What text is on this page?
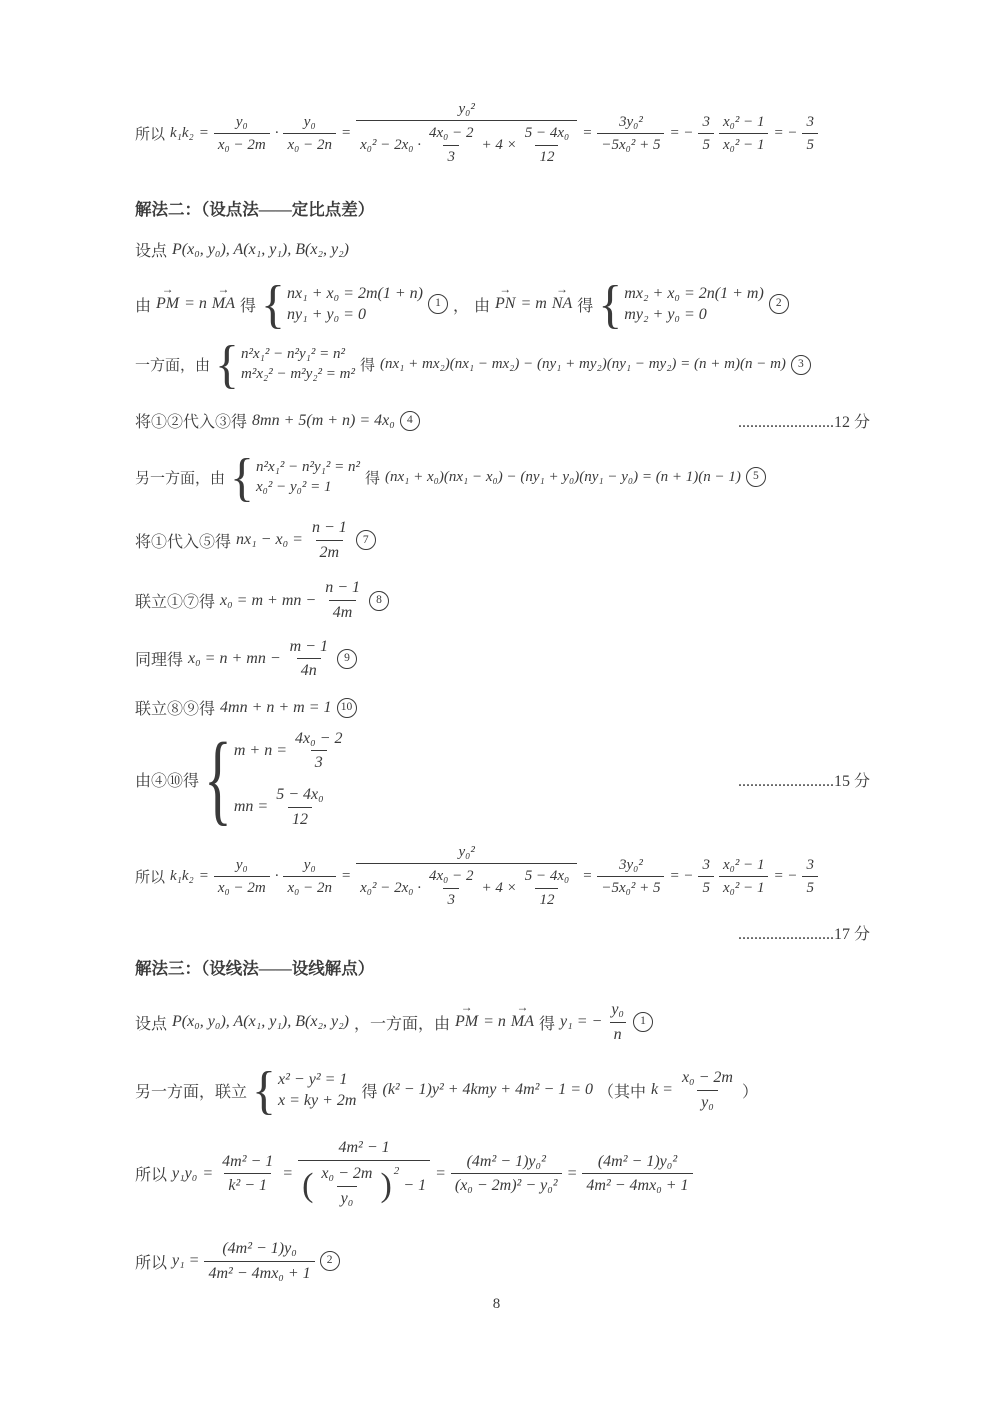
所以 $k_1k_2 = \frac{\text{y₀}}{\text{x₀ − 2m}} \cdot \frac{\text{y₀}}{\text{x₀ − 2n}}$ =
y₀²
$x_0^2 - 2x_0 \cdot \frac{\text{4x₀ − 2}}{3} + 4 \times \frac{\text{5 − 4x₀}}{12} = \frac{\text{3y₀²}}{\text{−5x₀² + 5}}$ = − $\frac{3}{5} \frac{\text{x₀² − 1}}{\text{x₀² − 1}}$ = − $\frac{3}{5}$
解法二：（设点法——定比点差）
设点 P(x₀, y₀), A(x₁, y₁), B(x₂, y₂)
由 PM → = n MA → 得 { nx₁ + x₀ = 2m(1 + n)
ny₁ + y₀ = 0
1 ， 由 PN → = m NA → 得 { mx₂ + x₀ = 2n(1 + m)
my₂ + y₀ = 0
2
一方面，由 { n²x₁² − n²y₁² = n²
m²x₂² − m²y₂² = m² 得 (nx₁ + mx₂)(nx₁ − mx₂) − (ny₁ + my₂)(ny₁ − my₂) = (n + m)(n − m)	3
将①②代入③得 8mn + 5(m + n) = 4x₀	4	........................12 分
另一方面，由 { n²x₁² − n²y₁² = n²
x₀² − y₀² = 1 得 (nx₁ + x₀)(nx₁ − x₀) − (ny₁ + y₀)(ny₁ − y₀) = (n + 1)(n − 1)	5
将①代入⑤得 $nx_1 - x_0 = \frac{n - 1}{2m}$	7
联立①⑦得 x₀ = m + mn − $\frac{n - 1}{4m}$	8
同理得 x₀ = n + mn − $\frac{m - 1}{4n}$	9
联立⑧⑨得 4mn + n + m = 1 10
由④⑩得 { $m + n = \frac{\text{4x₀ − 2}}{3}$
mn = $\frac{\text{5 − 4x₀}}{12}$
........................15 分
所以 $k_1k_2 = \frac{\text{y₀}}{\text{x₀ − 2m}} \cdot \frac{\text{y₀}}{\text{x₀ − 2n}}$ =
y₀²
$x_0^2 - 2x_0 \cdot \frac{\text{4x₀ − 2}}{3} + 4 \times \frac{\text{5 − 4x₀}}{12} = \frac{\text{3y₀²}}{\text{−5x₀² + 5}}$ = − $\frac{3}{5} \frac{\text{x₀² − 1}}{\text{x₀² − 1}}$ = − $\frac{3}{5}$
........................17 分
解法三：（设线法——设线解点）
设点 P(x₀, y₀), A(x₁, y₁), B(x₂, y₂) ，一方面，由 PM → = n MA → 得 y₁ = − $\frac{\text{y₀}}{n}$	1
另一方面，联立 { x² − y² = 1
x = ky + 2m 得 (k² − 1)y² + 4kmy + 4m² − 1 = 0 （其中 $k = \frac{\text{x₀ − 2m}}{\text{y₀}}$ ）
所以 $y_1y_0 = \frac{\text{4m² − 1}}{\text{k² − 1}}$ =
4m² − 1
( $\frac{\text{x₀ − 2m}}{\text{y₀}}$ ) 2
− 1
= $\frac{\text{(4m² − 1)y₀²}}{\text{(x₀ − 2m)² − y₀²}} = \frac{\text{(4m² − 1)y₀²}}{\text{4m² − 4mx₀ + 1}}$
所以 $y_1 = \frac{\text{(4m² − 1)y₀}}{\text{4m² − 4mx₀ + 1}}$	2
8
